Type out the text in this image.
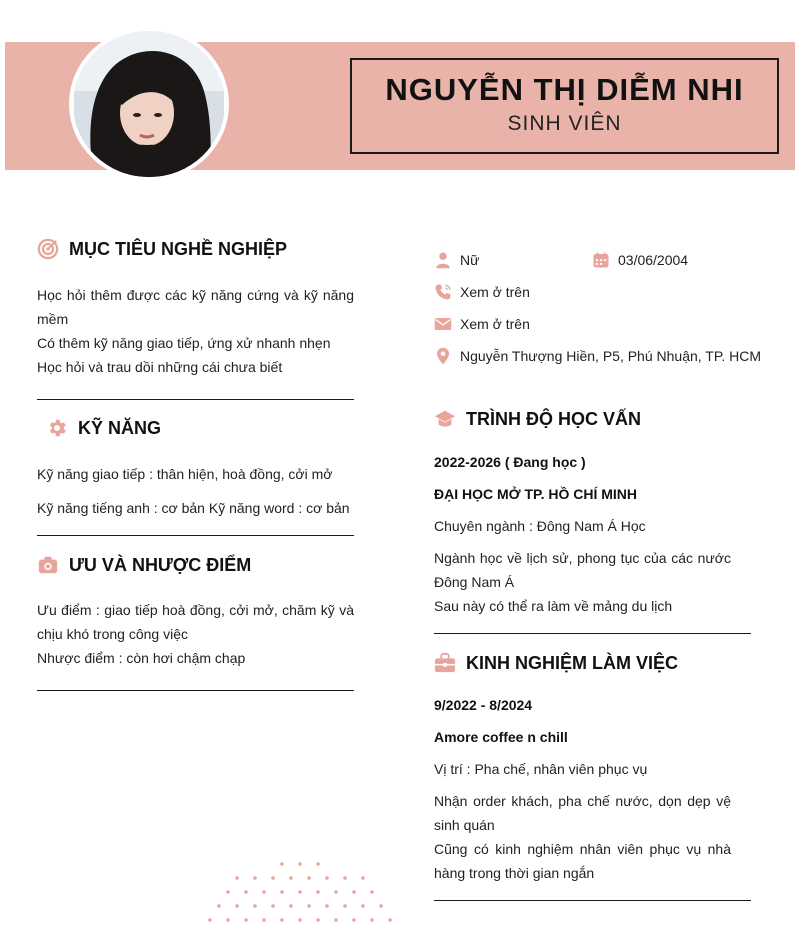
NGUYỄN THỊ DIỄM NHI
SINH VIÊN
MỤC TIÊU NGHỀ NGHIỆP

Học hỏi thêm được các kỹ năng cứng và kỹ năng mềm

Có thêm kỹ năng giao tiếp, ứng xử nhanh nhẹn

Học hỏi và trau dồi những cái chưa biết

KỸ NĂNG
Kỹ năng giao tiếp : thân hiện, hoà đồng, cởi mở
Kỹ năng tiếng anh : cơ bản Kỹ năng word : cơ bản
ƯU VÀ NHƯỢC ĐIỂM

Ưu điểm : giao tiếp hoà đồng, cởi mở, chăm kỹ và chịu khó trong công việc

Nhược điểm : còn hơi chậm chạp

Nữ	03/06/2004
Xem ở trên
Xem ở trên
Nguyễn Thượng Hiền, P5, Phú Nhuận, TP. HCM
TRÌNH ĐỘ HỌC VẤN
2022-2026 ( Đang học )
ĐẠI HỌC MỞ TP. HỒ CHÍ MINH
Chuyên ngành : Đông Nam Á Học

Ngành học về lịch sử, phong tục của các nước Đông Nam Á

Sau này có thể ra làm về mảng du lịch

KINH NGHIỆM LÀM VIỆC
9/2022 - 8/2024
Amore coffee n chill
Vị trí : Pha chế, nhân viên phục vụ

Nhận order khách, pha chế nước, dọn dẹp vệ sinh quán

Cũng có kinh nghiệm nhân viên phục vụ nhà hàng trong thời gian ngắn
